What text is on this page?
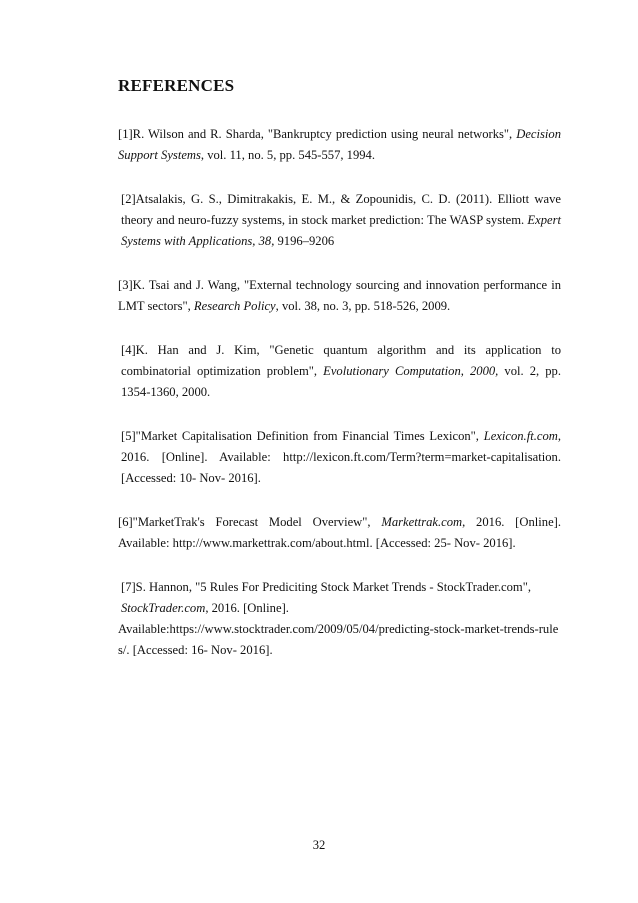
REFERENCES

[1]R. Wilson and R. Sharda, "Bankruptcy prediction using neural networks", Decision Support Systems, vol. 11, no. 5, pp. 545-557, 1994.

[2]Atsalakis, G. S., Dimitrakakis, E. M., & Zopounidis, C. D. (2011). Elliott wave theory and neuro-fuzzy systems, in stock market prediction: The WASP system. Expert Systems with Applications, 38, 9196–9206

[3]K. Tsai and J. Wang, "External technology sourcing and innovation performance in LMT sectors", Research Policy, vol. 38, no. 3, pp. 518-526, 2009.

[4]K. Han and J. Kim, "Genetic quantum algorithm and its application to combinatorial optimization problem", Evolutionary Computation, 2000, vol. 2, pp. 1354-1360, 2000.

[5]"Market Capitalisation Definition from Financial Times Lexicon", Lexicon.ft.com, 2016. [Online]. Available: http://lexicon.ft.com/Term?term=market-capitalisation. [Accessed: 10- Nov- 2016].

[6]"MarketTrak's Forecast Model Overview", Markettrak.com, 2016. [Online]. Available: http://www.markettrak.com/about.html. [Accessed: 25- Nov- 2016].

[7]S. Hannon, "5 Rules For Prediciting Stock Market Trends - StockTrader.com",
StockTrader.com, 2016. [Online].

Available:https://www.stocktrader.com/2009/05/04/predicting-stock-market-trends-rules/. [Accessed: 16- Nov- 2016].

32
